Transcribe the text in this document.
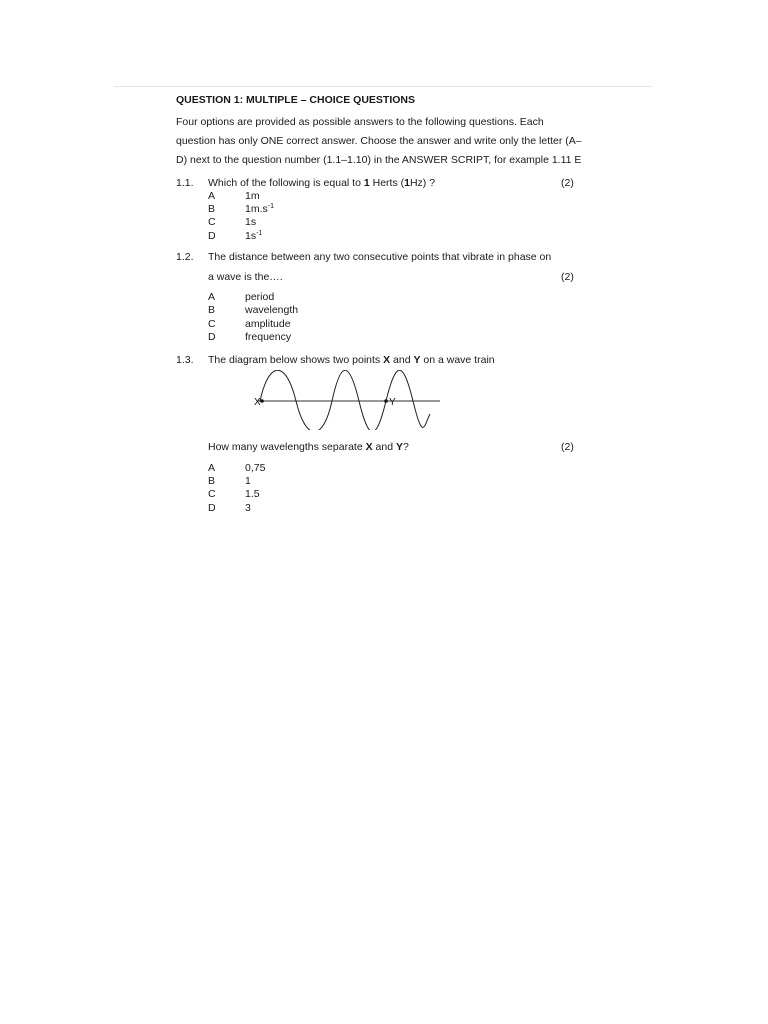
QUESTION 1: MULTIPLE – CHOICE QUESTIONS
Four options are provided as possible answers to the following questions. Each
question has only ONE correct answer. Choose the answer and write only the letter (A–
D) next to the question number (1.1–1.10) in the ANSWER SCRIPT, for example 1.11 E
1.1.	Which of the following is equal to 1 Herts (1Hz) ?	(2)
A	1m
B	$1m.s^{-1}$
C	1s
D	$1s^{-1}$
1.2.	The distance between any two consecutive points that vibrate in phase on
a wave is the….	(2)
A	period
B	wavelength
C	amplitude
D	frequency
1.3.	The diagram below shows two points X and Y on a wave train
X	Y
How many wavelengths separate X and Y?	(2)
A	0,75
B	1
C	1.5
D	3
